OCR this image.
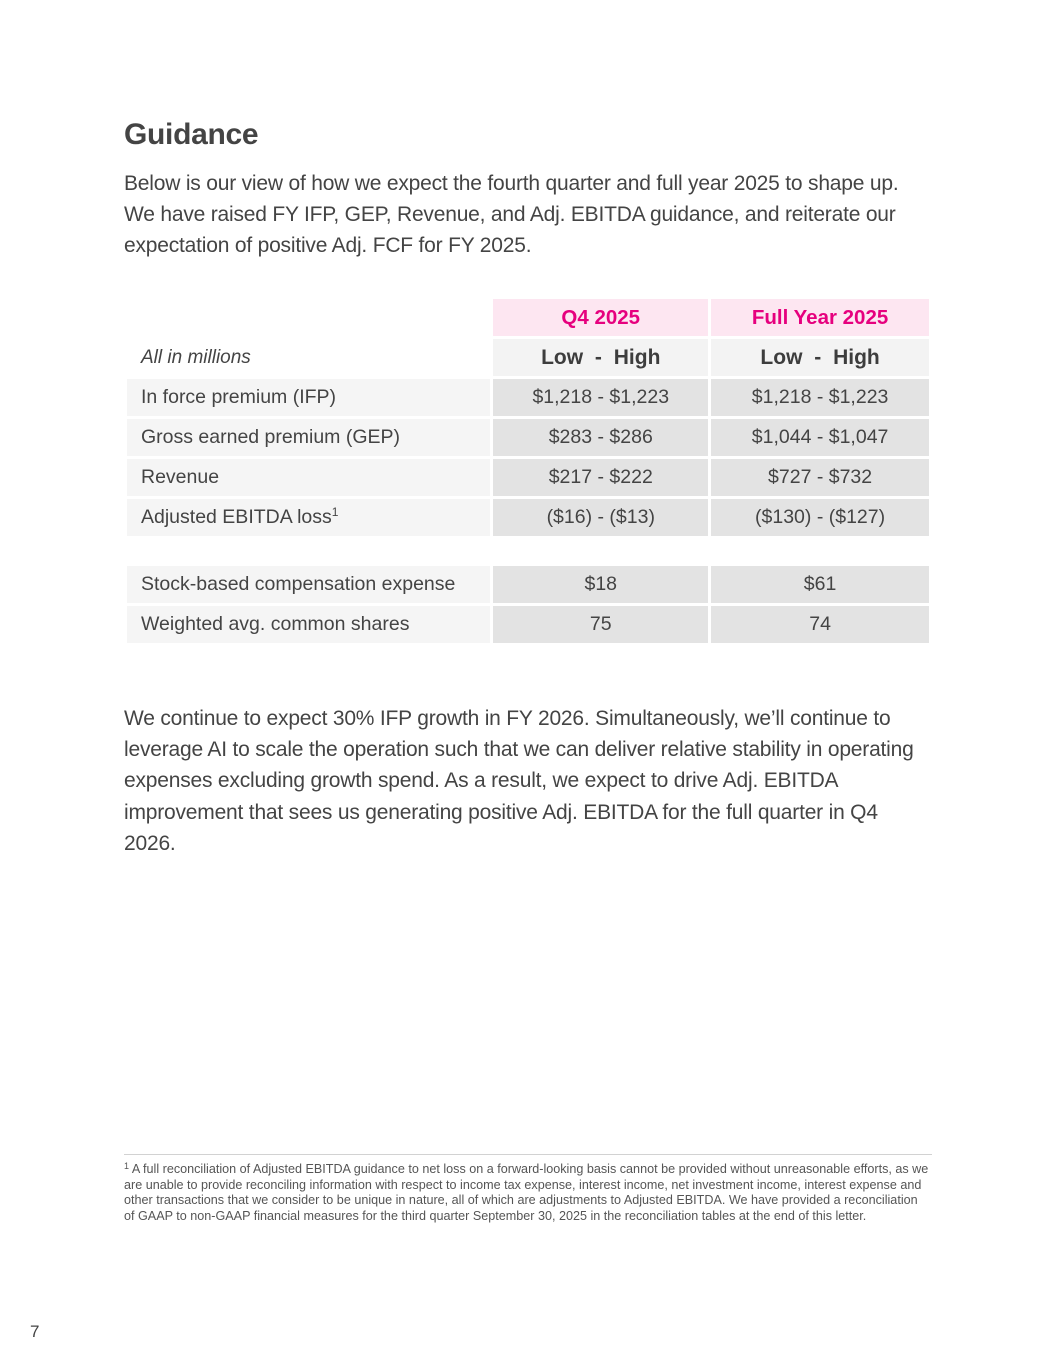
Guidance

Below is our view of how we expect the fourth quarter and full year 2025 to shape up. We have raised FY IFP, GEP, Revenue, and Adj. EBITDA guidance, and reiterate our expectation of positive Adj. FCF for FY 2025.

	Q4 2025	Full Year 2025
All in millions	Low - High	Low - High
In force premium (IFP)	$1,218 - $1,223	$1,218 - $1,223
Gross earned premium (GEP)	$283 - $286	$1,044 - $1,047
Revenue	$217 - $222	$727 - $732
Adjusted EBITDA loss$^1$	($16) - ($13)	($130) - ($127)

Stock-based compensation expense	$18	$61
Weighted avg. common shares	75	74

We continue to expect 30% IFP growth in FY 2026. Simultaneously, we’ll continue to leverage AI to scale the operation such that we can deliver relative stability in operating expenses excluding growth spend. As a result, we expect to drive Adj. EBITDA improvement that sees us generating positive Adj. EBITDA for the full quarter in Q4 2026.

$^1$ A full reconciliation of Adjusted EBITDA guidance to net loss on a forward-looking basis cannot be provided without unreasonable efforts, as we are unable to provide reconciling information with respect to income tax expense, interest income, net investment income, interest expense and other transactions that we consider to be unique in nature, all of which are adjustments to Adjusted EBITDA. We have provided a reconciliation of GAAP to non-GAAP financial measures for the third quarter September 30, 2025 in the reconciliation tables at the end of this letter.

7
